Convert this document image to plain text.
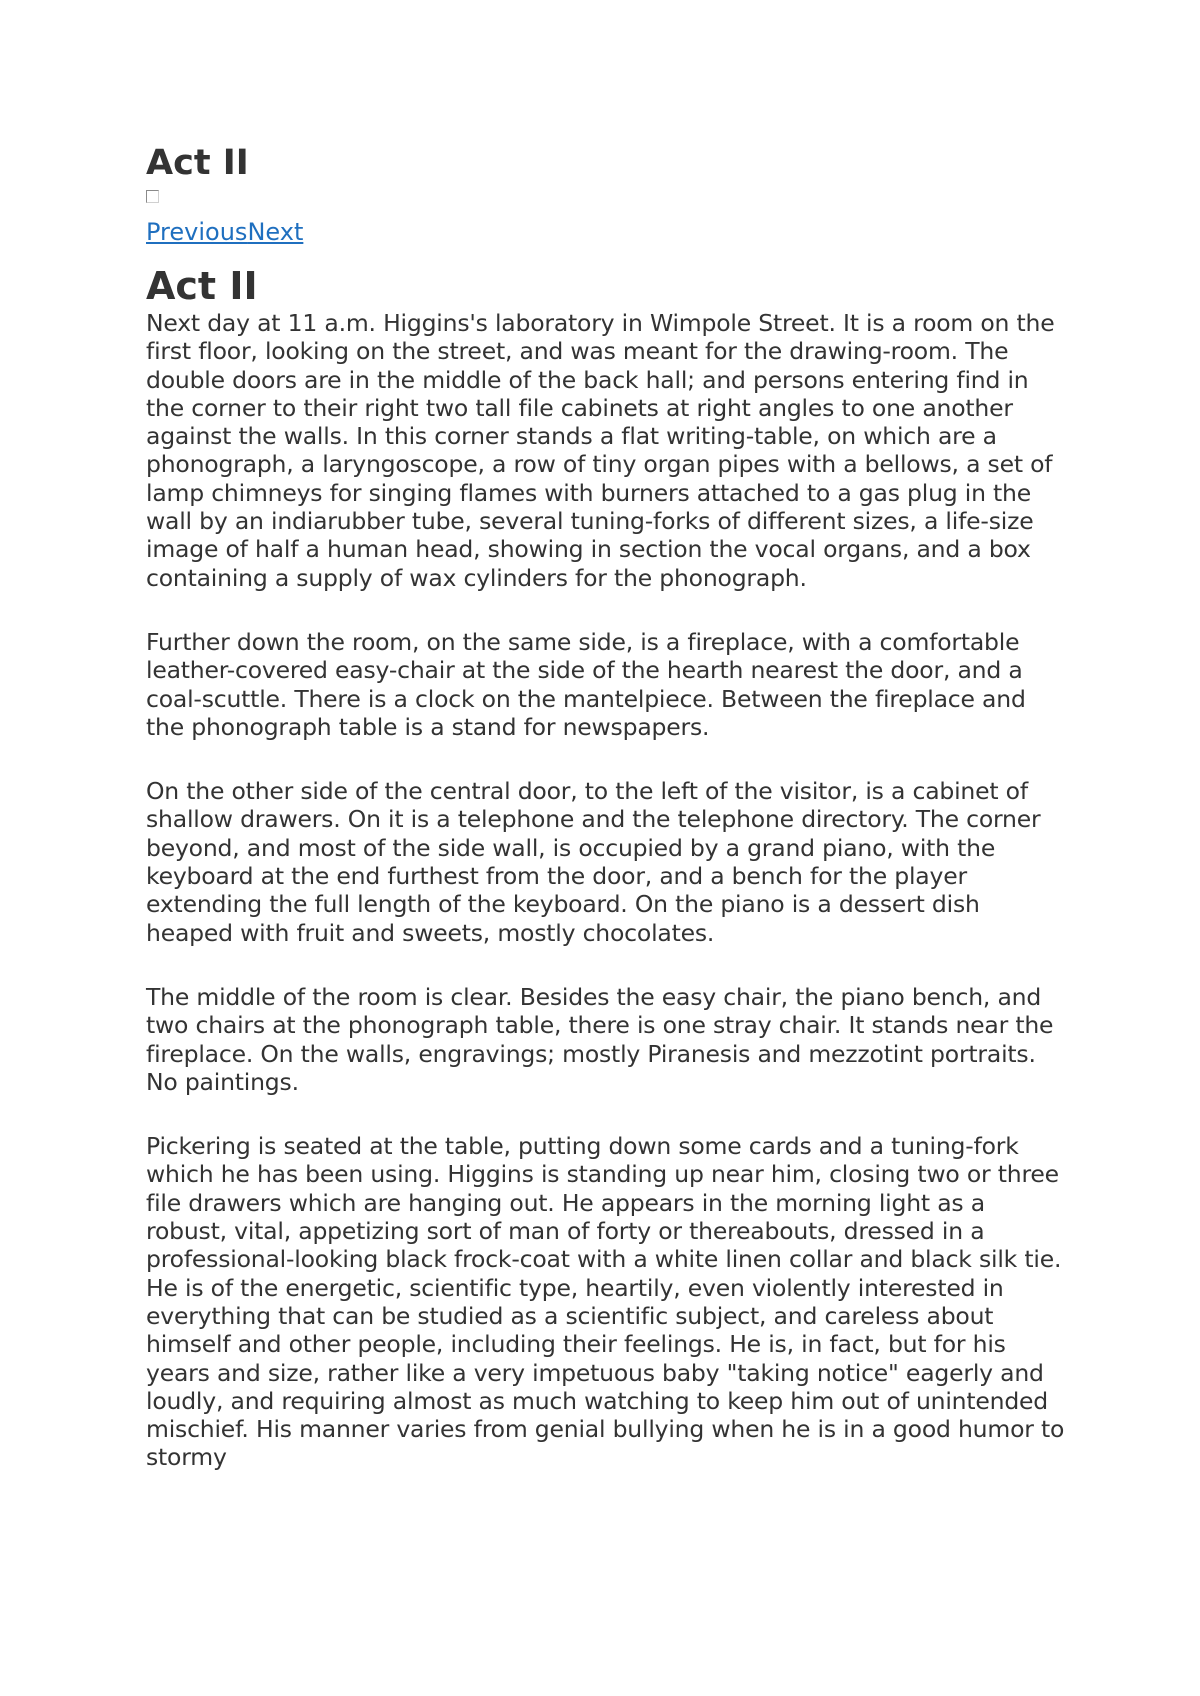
Act II
PreviousNext
Act II

Next day at 11 a.m. Higgins's laboratory in Wimpole Street. It is a room on the first floor, looking on the street, and was meant for the drawing-room. The double doors are in the middle of the back hall; and persons entering find in the corner to their right two tall file cabinets at right angles to one another against the walls. In this corner stands a flat writing-table, on which are a phonograph, a laryngoscope, a row of tiny organ pipes with a bellows, a set of lamp chimneys for singing flames with burners attached to a gas plug in the wall by an indiarubber tube, several tuning-forks of different sizes, a life-size image of half a human head, showing in section the vocal organs, and a box containing a supply of wax cylinders for the phonograph.

Further down the room, on the same side, is a fireplace, with a comfortable leather-covered easy-chair at the side of the hearth nearest the door, and a coal-scuttle. There is a clock on the mantelpiece. Between the fireplace and the phonograph table is a stand for newspapers.

On the other side of the central door, to the left of the visitor, is a cabinet of shallow drawers. On it is a telephone and the telephone directory. The corner beyond, and most of the side wall, is occupied by a grand piano, with the keyboard at the end furthest from the door, and a bench for the player extending the full length of the keyboard. On the piano is a dessert dish heaped with fruit and sweets, mostly chocolates.

The middle of the room is clear. Besides the easy chair, the piano bench, and two chairs at the phonograph table, there is one stray chair. It stands near the fireplace. On the walls, engravings; mostly Piranesis and mezzotint portraits. No paintings.

Pickering is seated at the table, putting down some cards and a tuning-fork which he has been using. Higgins is standing up near him, closing two or three file drawers which are hanging out. He appears in the morning light as a robust, vital, appetizing sort of man of forty or thereabouts, dressed in a professional-looking black frock-coat with a white linen collar and black silk tie. He is of the energetic, scientific type, heartily, even violently interested in everything that can be studied as a scientific subject, and careless about himself and other people, including their feelings. He is, in fact, but for his years and size, rather like a very impetuous baby "taking notice" eagerly and loudly, and requiring almost as much watching to keep him out of unintended mischief. His manner varies from genial bullying when he is in a good humor to stormy
